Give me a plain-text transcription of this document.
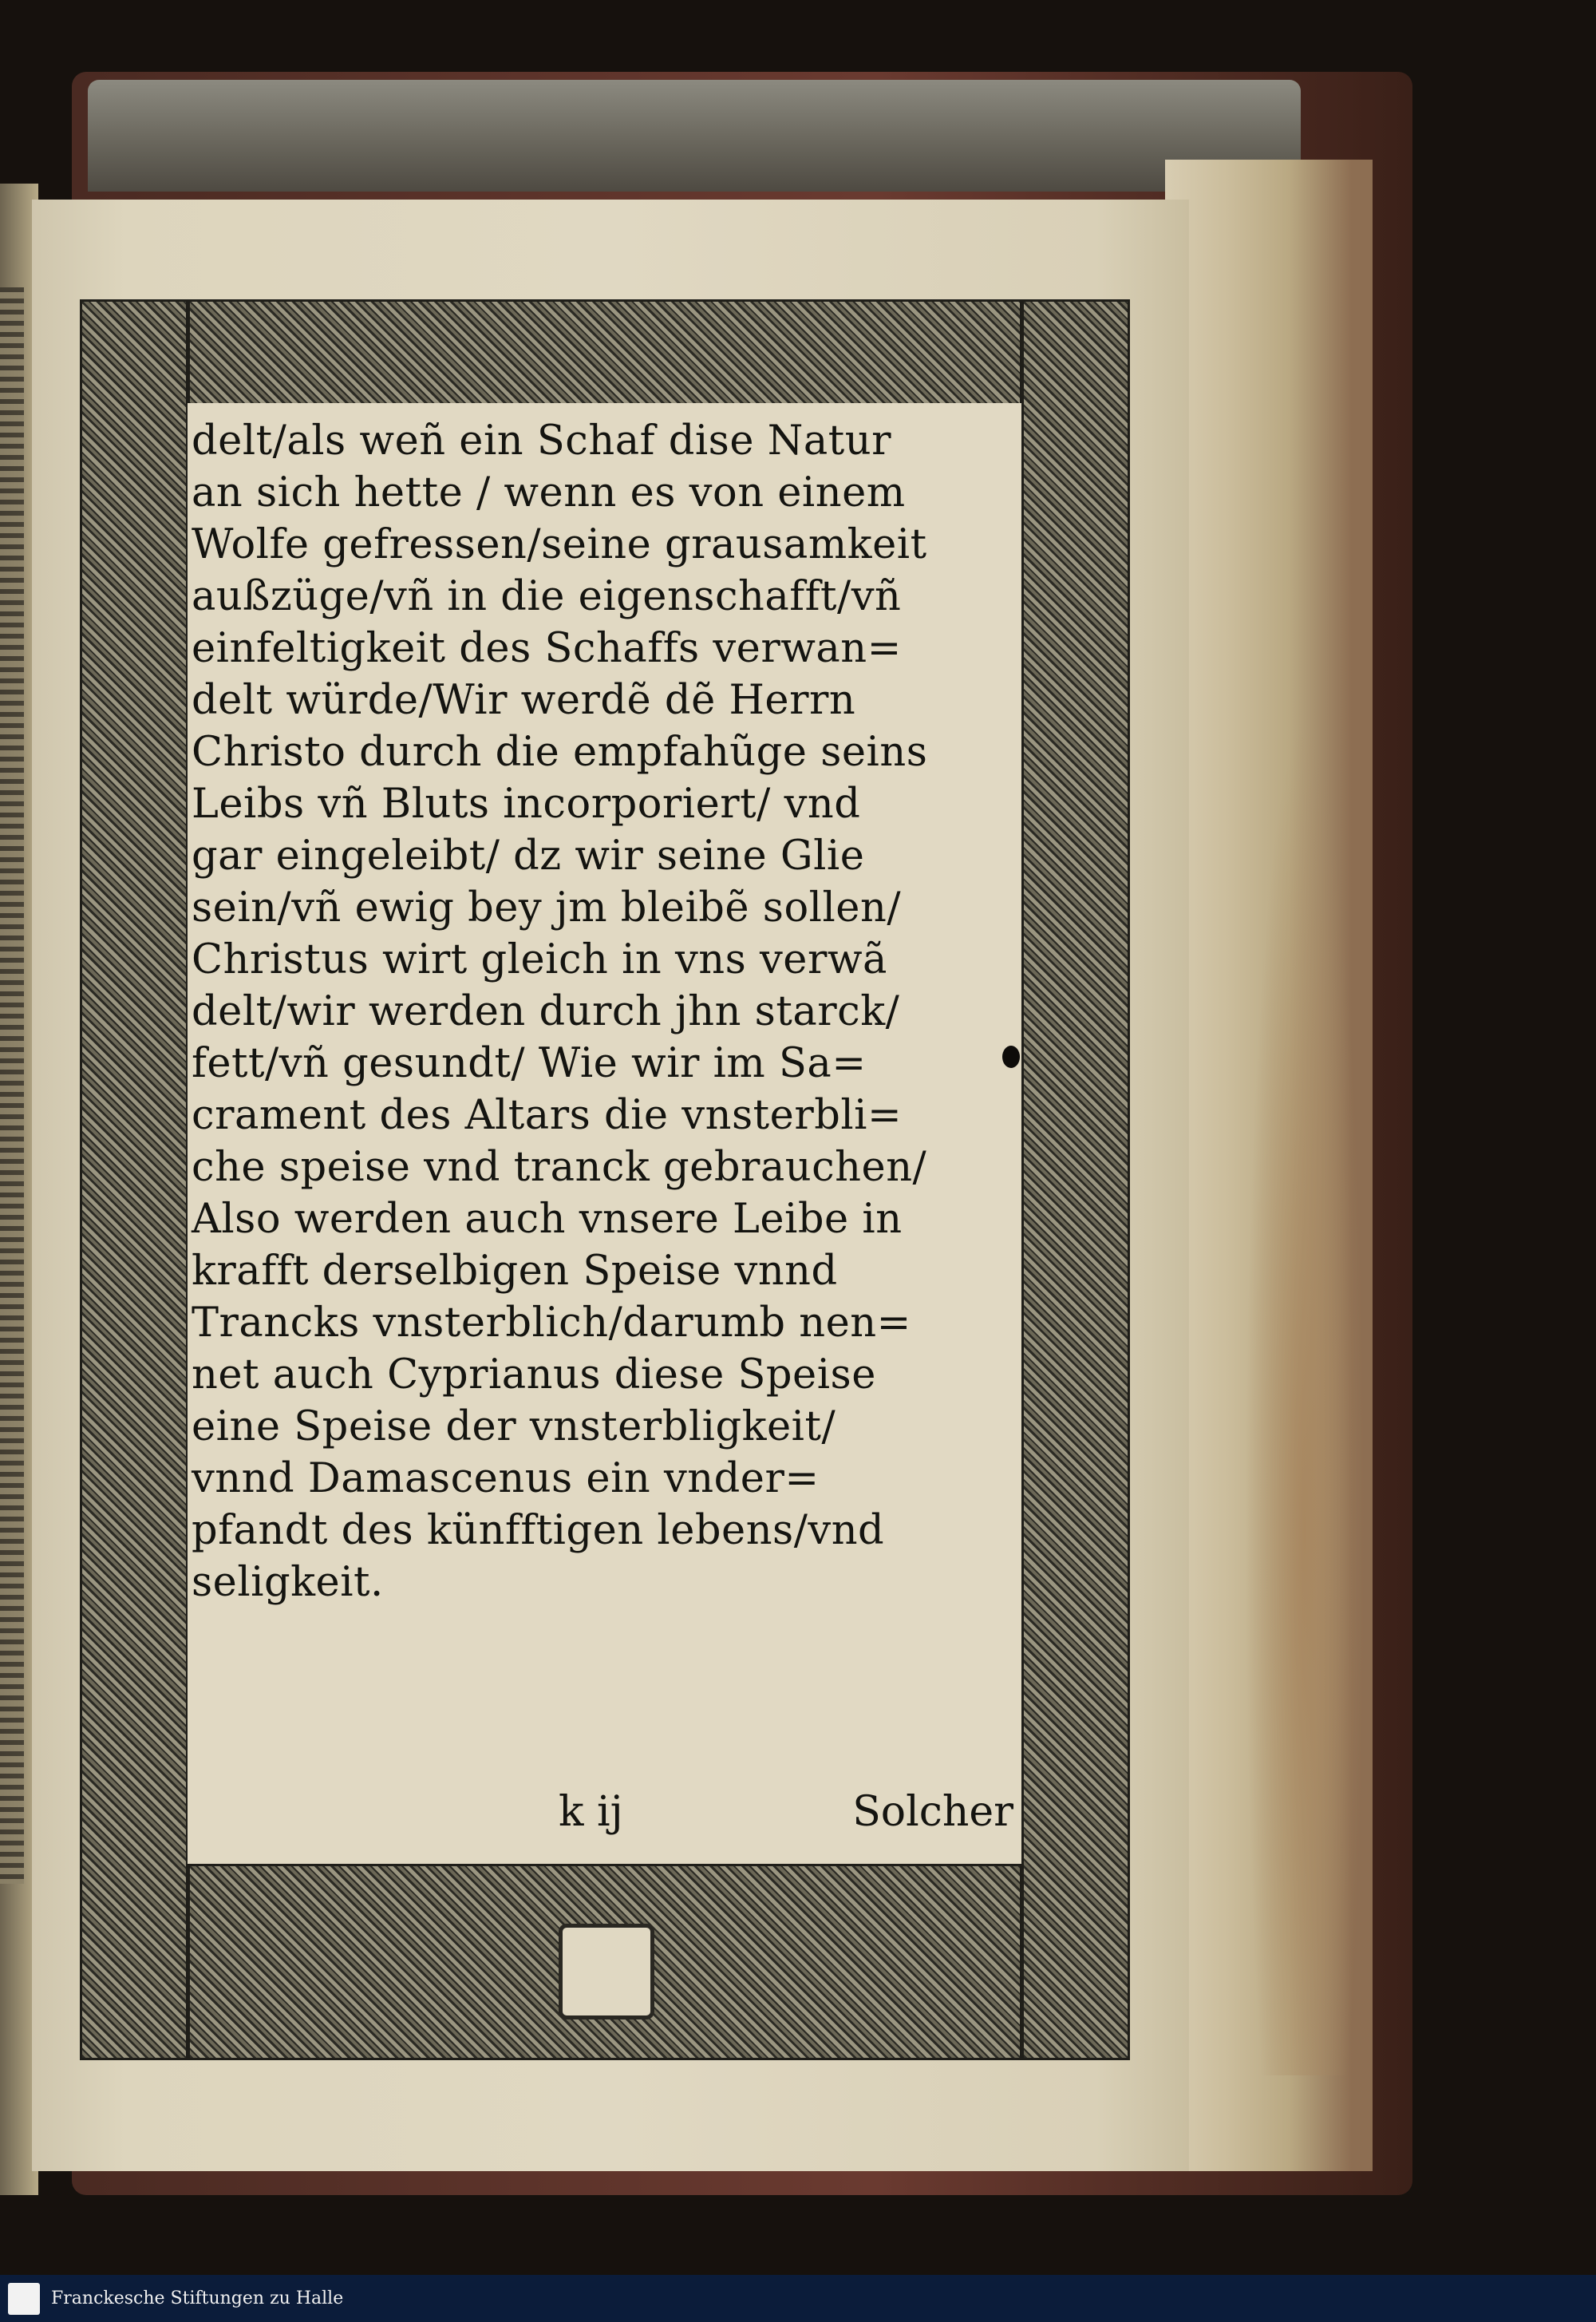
delt/als weñ ein Schaf dise Natur
an sich hette / wenn es von einem
Wolfe gefressen/seine grausamkeit
außzüge/vñ in die eigenschafft/vñ
einfeltigkeit des Schaffs verwan=
delt würde/Wir werdẽ dẽ Herrn
Christo durch die empfahũge seins
Leibs vñ Bluts incorporiert/ vnd
gar eingeleibt/ dz wir seine Glie
sein/vñ ewig bey jm bleibẽ sollen/
Christus wirt gleich in vns verwã
delt/wir werden durch jhn starck/
fett/vñ gesundt/ Wie wir im Sa=
crament des Altars die vnsterbli=
che speise vnd tranck gebrauchen/
Also werden auch vnsere Leibe in
krafft derselbigen Speise vnnd
Trancks vnsterblich/darumb nen=
net auch Cyprianus diese Speise
eine Speise der vnsterbligkeit/
vnnd Damascenus ein vnder=
pfandt des künfftigen lebens/vnd
seligkeit.
k ij	Solcher
Franckesche Stiftungen zu Halle
